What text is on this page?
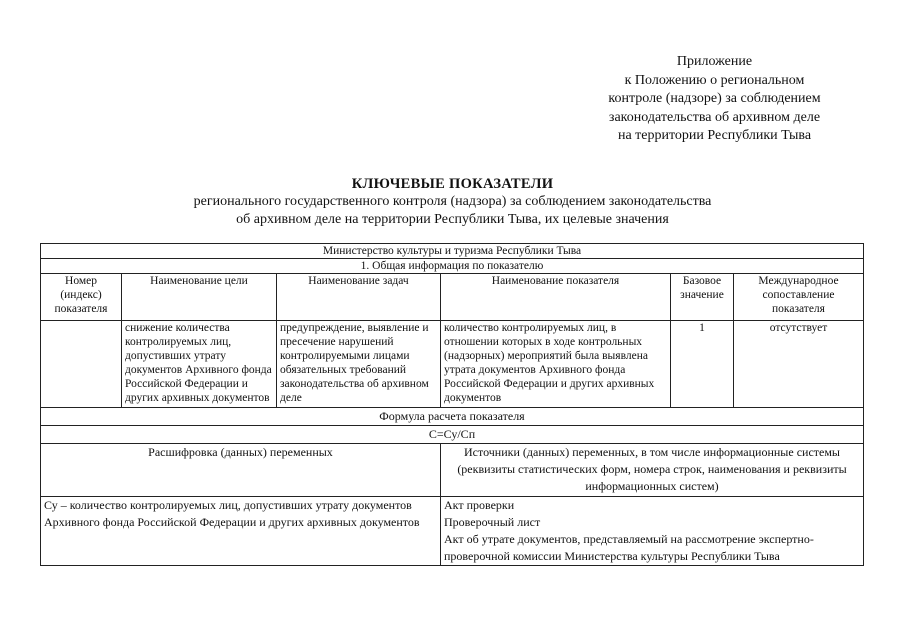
Приложение
к Положению о региональном
контроле (надзоре) за соблюдением
законодательства об архивном деле
на территории Республики Тыва
КЛЮЧЕВЫЕ ПОКАЗАТЕЛИ
регионального государственного контроля (надзора) за соблюдением законодательства
об архивном деле на территории Республики Тыва, их целевые значения
Министерство культуры и туризма Республики Тыва					
1. Общая информация по показателю					
Номер (индекс) показателя	Наименование цели	Наименование задач	Наименование показателя	Базовое значение	Международное сопоставление показателя
	снижение количества контролируемых лиц, допустивших утрату документов Архивного фонда Российской Федерации и других архивных документов	предупреждение, выявление и пресечение нарушений контролируемыми лицами обязательных требований законодательства об архивном деле	количество контролируемых лиц, в отношении которых в ходе контрольных (надзорных) мероприятий была выявлена утрата документов Архивного фонда Российской Федерации и других архивных документов	1	отсутствует
Формула расчета показателя					
С=Су/Сп					
Расшифровка (данных) переменных			Источники (данных) переменных, в том числе информационные системы (реквизиты статистических форм, номера строк, наименования и реквизиты информационных систем)		
Су – количество контролируемых лиц, допустивших утрату документов Архивного фонда Российской Федерации и других архивных документов			Акт проверки
Проверочный лист
Акт об утрате документов, представляемый на рассмотрение экспертно-проверочной комиссии Министерства культуры Республики Тыва		
